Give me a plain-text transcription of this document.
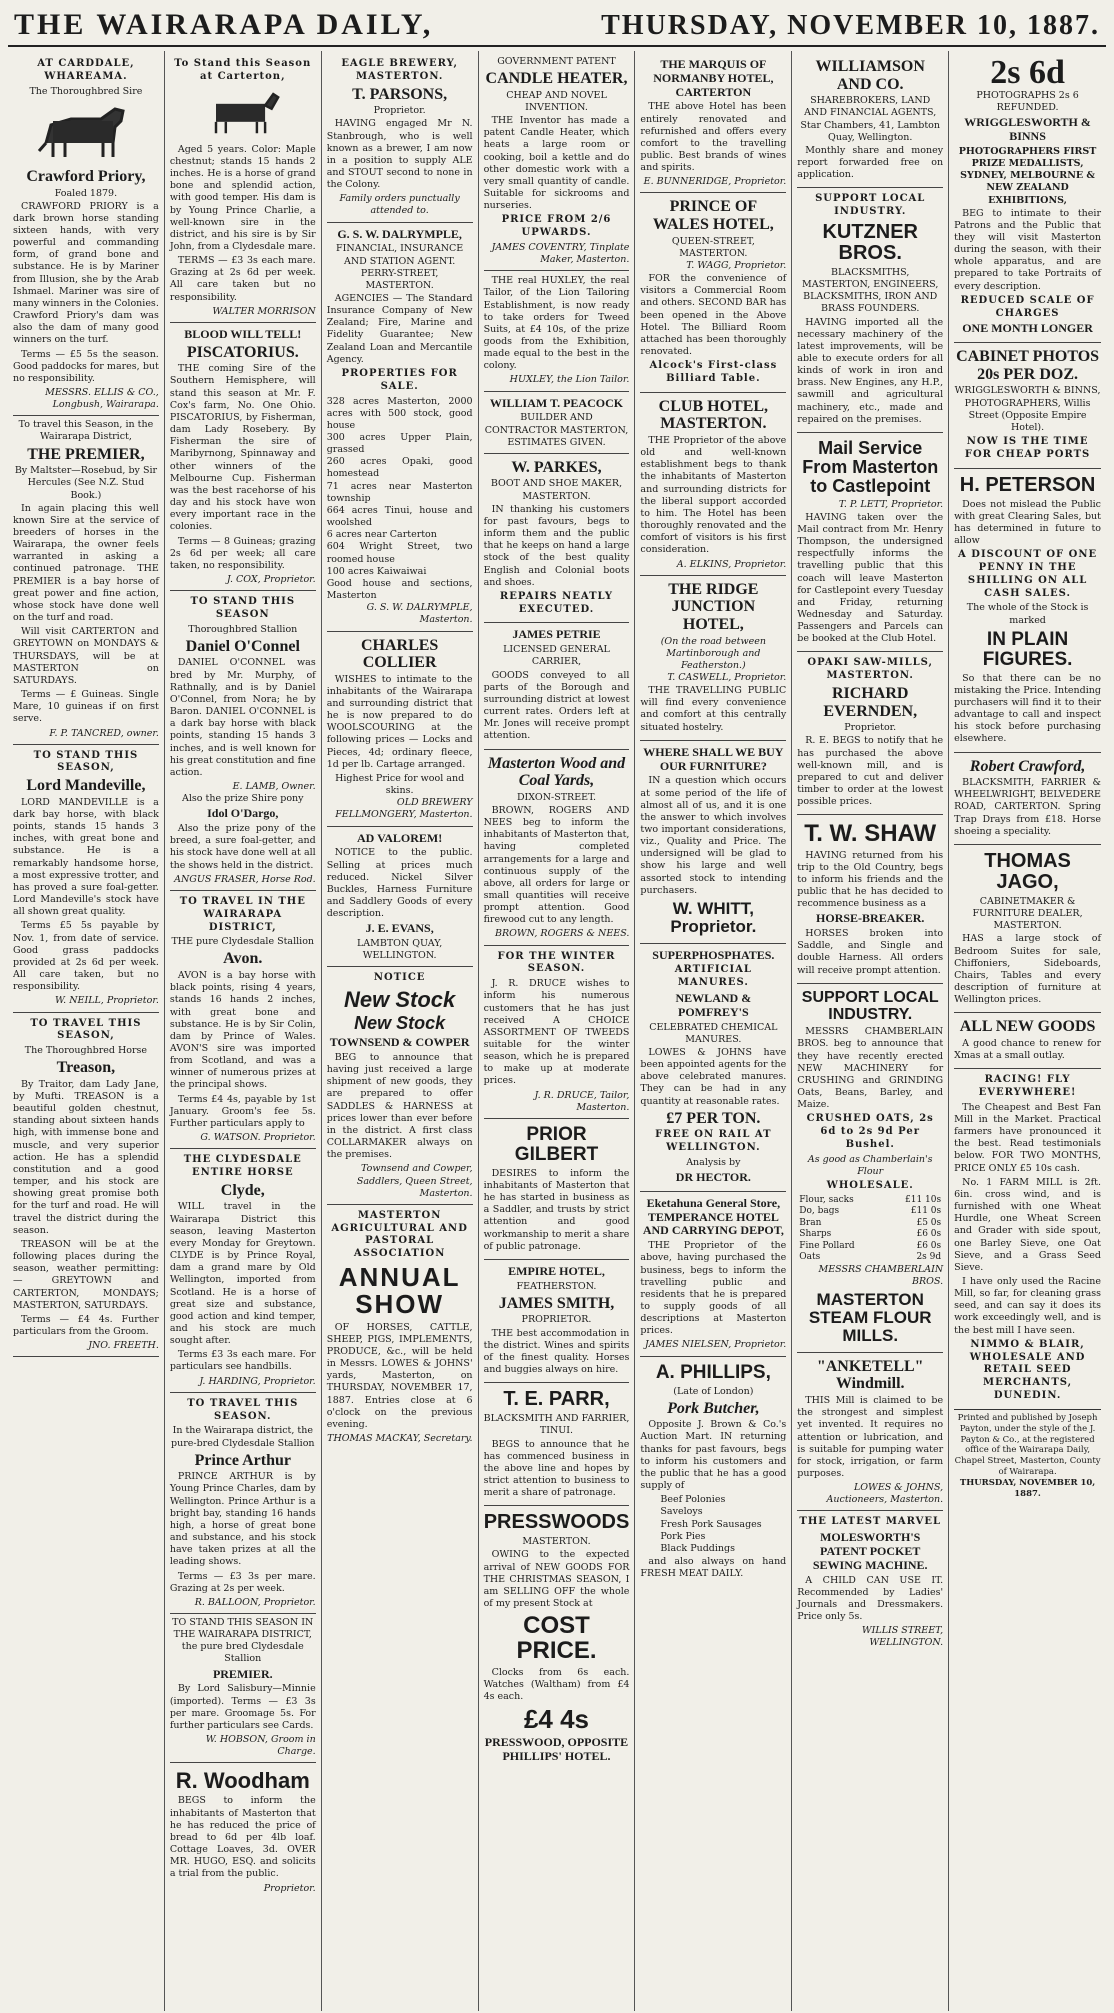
THE WAIRARAPA DAILY,	THURSDAY, NOVEMBER 10, 1887.
AT CARDDALE, WHAREAMA.
The Thoroughbred Sire
Crawford Priory,
Foaled 1879.

CRAWFORD PRIORY is a dark brown horse standing sixteen hands, with very powerful and commanding form, of grand bone and substance. He is by Mariner from Illusion, she by the Arab Ishmael. Mariner was sire of many winners in the Colonies. Crawford Priory's dam was also the dam of many good winners on the turf.

Terms — £5 5s the season. Good paddocks for mares, but no responsibility.

MESSRS. ELLIS & CO., Longbush, Wairarapa.
To travel this Season, in the Wairarapa District,
THE PREMIER,
By Maltster—Rosebud, by Sir Hercules (See N.Z. Stud Book.)

In again placing this well known Sire at the service of breeders of horses in the Wairarapa, the owner feels warranted in asking a continued patronage. THE PREMIER is a bay horse of great power and fine action, whose stock have done well on the turf and road.

Will visit CARTERTON and GREYTOWN on MONDAYS & THURSDAYS, will be at MASTERTON on SATURDAYS.

Terms — £ Guineas. Single Mare, 10 guineas if on first serve.

F. P. TANCRED, owner.
TO STAND THIS SEASON,
Lord Mandeville,

LORD MANDEVILLE is a dark bay horse, with black points, stands 15 hands 3 inches, with great bone and substance. He is a remarkably handsome horse, a most expressive trotter, and has proved a sure foal-getter. Lord Mandeville's stock have all shown great quality.

Terms £5 5s payable by Nov. 1, from date of service. Good grass paddocks provided at 2s 6d per week. All care taken, but no responsibility.

W. NEILL, Proprietor.
TO TRAVEL THIS SEASON,
The Thoroughbred Horse
Treason,

By Traitor, dam Lady Jane, by Mufti. TREASON is a beautiful golden chestnut, standing about sixteen hands high, with immense bone and muscle, and very superior action. He has a splendid constitution and a good temper, and his stock are showing great promise both for the turf and road. He will travel the district during the season.

TREASON will be at the following places during the season, weather permitting: — GREYTOWN and CARTERTON, MONDAYS; MASTERTON, SATURDAYS.

Terms — £4 4s. Further particulars from the Groom.

JNO. FREETH.
To Stand this Season at Carterton,

Aged 5 years. Color: Maple chestnut; stands 15 hands 2 inches. He is a horse of grand bone and splendid action, with good temper. His dam is by Young Prince Charlie, a well-known sire in the district, and his sire is by Sir John, from a Clydesdale mare.

TERMS — £3 3s each mare. Grazing at 2s 6d per week. All care taken but no responsibility.

WALTER MORRISON
BLOOD WILL TELL!
PISCATORIUS.

THE coming Sire of the Southern Hemisphere, will stand this season at Mr. F. Cox's farm, No. One Ohio. PISCATORIUS, by Fisherman, dam Lady Rosebery. By Fisherman the sire of Maribyrnong, Spinnaway and other winners of the Melbourne Cup. Fisherman was the best racehorse of his day and his stock have won every important race in the colonies.

Terms — 8 Guineas; grazing 2s 6d per week; all care taken, no responsibility.

J. COX, Proprietor.
TO STAND THIS SEASON
Thoroughbred Stallion
Daniel O'Connel

DANIEL O'CONNEL was bred by Mr. Murphy, of Rathnally, and is by Daniel O'Connel, from Nora; he by Baron. DANIEL O'CONNEL is a dark bay horse with black points, standing 15 hands 3 inches, and is well known for his great constitution and fine action.

E. LAMB, Owner.
Also the prize Shire pony
Idol O'Dargo,

Also the prize pony of the breed, a sure foal-getter, and his stock have done well at all the shows held in the district.

ANGUS FRASER, Horse Rod.
TO TRAVEL IN THE WAIRARAPA DISTRICT,
THE pure Clydesdale Stallion
Avon.

AVON is a bay horse with black points, rising 4 years, stands 16 hands 2 inches, with great bone and substance. He is by Sir Colin, dam by Prince of Wales. AVON'S sire was imported from Scotland, and was a winner of numerous prizes at the principal shows.

Terms £4 4s, payable by 1st January. Groom's fee 5s. Further particulars apply to

G. WATSON. Proprietor.
THE CLYDESDALE ENTIRE HORSE
Clyde,

WILL travel in the Wairarapa District this season, leaving Masterton every Monday for Greytown. CLYDE is by Prince Royal, dam a grand mare by Old Wellington, imported from Scotland. He is a horse of great size and substance, good action and kind temper, and his stock are much sought after.

Terms £3 3s each mare. For particulars see handbills.

J. HARDING, Proprietor.
TO TRAVEL THIS SEASON.
In the Wairarapa district, the pure-bred Clydesdale Stallion
Prince Arthur

PRINCE ARTHUR is by Young Prince Charles, dam by Wellington. Prince Arthur is a bright bay, standing 16 hands high, a horse of great bone and substance, and his stock have taken prizes at all the leading shows.

Terms — £3 3s per mare. Grazing at 2s per week.

R. BALLOON, Proprietor.
TO STAND THIS SEASON IN THE WAIRARAPA DISTRICT, the pure bred Clydesdale Stallion
PREMIER.

By Lord Salisbury—Minnie (imported). Terms — £3 3s per mare. Groomage 5s. For further particulars see Cards.

W. HOBSON, Groom in Charge.
R. Woodham

BEGS to inform the inhabitants of Masterton that he has reduced the price of bread to 6d per 4lb loaf. Cottage Loaves, 3d. OVER MR. HUGO, ESQ. and solicits a trial from the public.

Proprietor.
EAGLE BREWERY, MASTERTON.
T. PARSONS,
Proprietor.

HAVING engaged Mr N. Stanbrough, who is well known as a brewer, I am now in a position to supply ALE and STOUT second to none in the Colony.

Family orders punctually attended to.
G. S. W. DALRYMPLE,
FINANCIAL, INSURANCE AND STATION AGENT.
PERRY-STREET, MASTERTON.

AGENCIES — The Standard Insurance Company of New Zealand; Fire, Marine and Fidelity Guarantee; New Zealand Loan and Mercantile Agency.

PROPERTIES FOR SALE.
328 acres Masterton, 2000 acres with 500 stock, good house
300 acres Upper Plain, grassed
260 acres Opaki, good homestead
71 acres near Masterton township
664 acres Tinui, house and woolshed
6 acres near Carterton
604 Wright Street, two roomed house
100 acres Kaiwaiwai
Good house and sections, Masterton
G. S. W. DALRYMPLE, Masterton.
CHARLES COLLIER

WISHES to intimate to the inhabitants of the Wairarapa and surrounding district that he is now prepared to do WOOLSCOURING at the following prices — Locks and Pieces, 4d; ordinary fleece, 1d per lb. Cartage arranged.

Highest Price for wool and skins.
OLD BREWERY FELLMONGERY, Masterton.
AD VALOREM!

NOTICE to the public. Selling at prices much reduced. Nickel Silver Buckles, Harness Furniture and Saddlery Goods of every description.

J. E. EVANS,
LAMBTON QUAY, WELLINGTON.
NOTICE
New Stock
New Stock
TOWNSEND & COWPER

BEG to announce that having just received a large shipment of new goods, they are prepared to offer SADDLES & HARNESS at prices lower than ever before in the district. A first class COLLARMAKER always on the premises.

Townsend and Cowper, Saddlers, Queen Street, Masterton.
MASTERTON AGRICULTURAL AND PASTORAL ASSOCIATION
ANNUAL SHOW

OF HORSES, CATTLE, SHEEP, PIGS, IMPLEMENTS, PRODUCE, &c., will be held in Messrs. LOWES & JOHNS' yards, Masterton, on THURSDAY, NOVEMBER 17, 1887. Entries close at 6 o'clock on the previous evening.

THOMAS MACKAY, Secretary.
GOVERNMENT PATENT
CANDLE HEATER,
CHEAP AND NOVEL INVENTION.

THE Inventor has made a patent Candle Heater, which heats a large room or cooking, boil a kettle and do other domestic work with a very small quantity of candle. Suitable for sickrooms and nurseries.

PRICE FROM 2/6 UPWARDS.
JAMES COVENTRY, Tinplate Maker, Masterton.

THE real HUXLEY, the real Tailor, of the Lion Tailoring Establishment, is now ready to take orders for Tweed Suits, at £4 10s, of the prize goods from the Exhibition, made equal to the best in the colony.

HUXLEY, the Lion Tailor.
WILLIAM T. PEACOCK
BUILDER AND CONTRACTOR MASTERTON, ESTIMATES GIVEN.
W. PARKES,
BOOT AND SHOE MAKER, MASTERTON.

IN thanking his customers for past favours, begs to inform them and the public that he keeps on hand a large stock of the best quality English and Colonial boots and shoes.

REPAIRS NEATLY EXECUTED.
JAMES PETRIE
LICENSED GENERAL CARRIER,

GOODS conveyed to all parts of the Borough and surrounding district at lowest current rates. Orders left at Mr. Jones will receive prompt attention.

Masterton Wood and Coal Yards,
DIXON-STREET.

BROWN, ROGERS AND NEES beg to inform the inhabitants of Masterton that, having completed arrangements for a large and continuous supply of the above, all orders for large or small quantities will receive prompt attention. Good firewood cut to any length.

BROWN, ROGERS & NEES.
FOR THE WINTER SEASON.

J. R. DRUCE wishes to inform his numerous customers that he has just received A CHOICE ASSORTMENT OF TWEEDS suitable for the winter season, which he is prepared to make up at moderate prices.

J. R. DRUCE, Tailor, Masterton.
PRIOR GILBERT

DESIRES to inform the inhabitants of Masterton that he has started in business as a Saddler, and trusts by strict attention and good workmanship to merit a share of public patronage.

EMPIRE HOTEL,
FEATHERSTON.
JAMES SMITH,
PROPRIETOR.

THE best accommodation in the district. Wines and spirits of the finest quality. Horses and buggies always on hire.

T. E. PARR,
BLACKSMITH AND FARRIER, TINUI.

BEGS to announce that he has commenced business in the above line and hopes by strict attention to business to merit a share of patronage.

PRESSWOODS
MASTERTON.

OWING to the expected arrival of NEW GOODS FOR THE CHRISTMAS SEASON, I am SELLING OFF the whole of my present Stock at

COST PRICE.

Clocks from 6s each. Watches (Waltham) from £4 4s each.

£4 4s
PRESSWOOD, OPPOSITE PHILLIPS' HOTEL.
THE MARQUIS OF NORMANBY HOTEL, CARTERTON

THE above Hotel has been entirely renovated and refurnished and offers every comfort to the travelling public. Best brands of wines and spirits.

E. BUNNERIDGE, Proprietor.
PRINCE OF WALES HOTEL,
QUEEN-STREET, MASTERTON.
T. WAGG, Proprietor.

FOR the convenience of visitors a Commercial Room and others. SECOND BAR has been opened in the Above Hotel. The Billiard Room attached has been thoroughly renovated.

Alcock's First-class Billiard Table.
CLUB HOTEL, MASTERTON.

THE Proprietor of the above old and well-known establishment begs to thank the inhabitants of Masterton and surrounding districts for the liberal support accorded to him. The Hotel has been thoroughly renovated and the comfort of visitors is his first consideration.

A. ELKINS, Proprietor.
THE RIDGE JUNCTION HOTEL,
(On the road between Martinborough and Featherston.)
T. CASWELL, Proprietor.

THE TRAVELLING PUBLIC will find every convenience and comfort at this centrally situated hostelry.

WHERE SHALL WE BUY OUR FURNITURE?

IN a question which occurs at some period of the life of almost all of us, and it is one the answer to which involves two important considerations, viz., Quality and Price. The undersigned will be glad to show his large and well assorted stock to intending purchasers.

W. WHITT, Proprietor.
SUPERPHOSPHATES.
ARTIFICIAL MANURES.
NEWLAND & POMFREY'S
CELEBRATED CHEMICAL MANURES.

LOWES & JOHNS have been appointed agents for the above celebrated manures. They can be had in any quantity at reasonable rates.

£7 PER TON.
FREE ON RAIL AT WELLINGTON.
Analysis by
DR HECTOR.
Eketahuna General Store, TEMPERANCE HOTEL AND CARRYING DEPOT,

THE Proprietor of the above, having purchased the business, begs to inform the travelling public and residents that he is prepared to supply goods of all descriptions at Masterton prices.

JAMES NIELSEN, Proprietor.
A. PHILLIPS,
(Late of London)
Pork Butcher,

Opposite J. Brown & Co.'s Auction Mart. IN returning thanks for past favours, begs to inform his customers and the public that he has a good supply of

Beef Polonies
Saveloys
Fresh Pork Sausages
Pork Pies
Black Puddings

and also always on hand FRESH MEAT DAILY.

WILLIAMSON AND CO.
SHAREBROKERS, LAND AND FINANCIAL AGENTS, Star Chambers, 41, Lambton Quay, Wellington.

Monthly share and money report forwarded free on application.

SUPPORT LOCAL INDUSTRY.
KUTZNER BROS.
BLACKSMITHS, MASTERTON, ENGINEERS, BLACKSMITHS, IRON AND BRASS FOUNDERS.

HAVING imported all the necessary machinery of the latest improvements, will be able to execute orders for all kinds of work in iron and brass. New Engines, any H.P., sawmill and agricultural machinery, etc., made and repaired on the premises.

Mail Service From Masterton to Castlepoint
T. P. LETT, Proprietor.

HAVING taken over the Mail contract from Mr. Henry Thompson, the undersigned respectfully informs the travelling public that this coach will leave Masterton for Castlepoint every Tuesday and Friday, returning Wednesday and Saturday. Passengers and Parcels can be booked at the Club Hotel.

OPAKI SAW-MILLS, MASTERTON.
RICHARD EVERNDEN,
Proprietor.

R. E. BEGS to notify that he has purchased the above well-known mill, and is prepared to cut and deliver timber to order at the lowest possible prices.

T. W. SHAW

HAVING returned from his trip to the Old Country, begs to inform his friends and the public that he has decided to recommence business as a

HORSE-BREAKER.

HORSES broken into Saddle, and Single and double Harness. All orders will receive prompt attention.

SUPPORT LOCAL INDUSTRY.

MESSRS CHAMBERLAIN BROS. beg to announce that they have recently erected NEW MACHINERY for CRUSHING and GRINDING Oats, Beans, Barley, and Maize.

CRUSHED OATS, 2s 6d to 2s 9d Per Bushel.
As good as Chamberlain's Flour
WHOLESALE.
Flour, sacks	£11 10s
Do, bags	£11 0s
Bran	£5 0s
Sharps	£6 0s
Fine Pollard	£6 0s
Oats	2s 9d
MESSRS CHAMBERLAIN BROS.
MASTERTON STEAM FLOUR MILLS.
"ANKETELL" Windmill.

THIS Mill is claimed to be the strongest and simplest yet invented. It requires no attention or lubrication, and is suitable for pumping water for stock, irrigation, or farm purposes.

LOWES & JOHNS, Auctioneers, Masterton.
THE LATEST MARVEL
MOLESWORTH'S PATENT POCKET SEWING MACHINE.

A CHILD CAN USE IT. Recommended by Ladies' Journals and Dressmakers. Price only 5s.

WILLIS STREET, WELLINGTON.
2s 6d
PHOTOGRAPHS 2s 6 REFUNDED.
WRIGGLESWORTH & BINNS
PHOTOGRAPHERS FIRST PRIZE MEDALLISTS, SYDNEY, MELBOURNE & NEW ZEALAND EXHIBITIONS,

BEG to intimate to their Patrons and the Public that they will visit Masterton during the season, with their whole apparatus, and are prepared to take Portraits of every description.

REDUCED SCALE OF CHARGES
ONE MONTH LONGER
CABINET PHOTOS 20s PER DOZ.
WRIGGLESWORTH & BINNS, PHOTOGRAPHERS, Willis Street (Opposite Empire Hotel).
NOW IS THE TIME FOR CHEAP PORTS
H. PETERSON

Does not mislead the Public with great Clearing Sales, but has determined in future to allow

A DISCOUNT OF ONE PENNY IN THE SHILLING ON ALL CASH SALES.
The whole of the Stock is marked
IN PLAIN FIGURES.

So that there can be no mistaking the Price. Intending purchasers will find it to their advantage to call and inspect his stock before purchasing elsewhere.

Robert Crawford,

BLACKSMITH, FARRIER & WHEELWRIGHT, BELVEDERE ROAD, CARTERTON. Spring Trap Drays from £18. Horse shoeing a speciality.

THOMAS JAGO,
CABINETMAKER & FURNITURE DEALER, MASTERTON.

HAS a large stock of Bedroom Suites for sale, Chiffoniers, Sideboards, Chairs, Tables and every description of furniture at Wellington prices.

ALL NEW GOODS

A good chance to renew for Xmas at a small outlay.

RACING! FLY EVERYWHERE!

The Cheapest and Best Fan Mill in the Market. Practical farmers have pronounced it the best. Read testimonials below. FOR TWO MONTHS, PRICE ONLY £5 10s cash.

No. 1 FARM MILL is 2ft. 6in. cross wind, and is furnished with one Wheat Hurdle, one Wheat Screen and Grader with side spout, one Barley Sieve, one Oat Sieve, and a Grass Seed Sieve.

I have only used the Racine Mill, so far, for cleaning grass seed, and can say it does its work exceedingly well, and is the best mill I have seen.

NIMMO & BLAIR, WHOLESALE AND RETAIL SEED MERCHANTS, DUNEDIN.
Printed and published by Joseph Payton, under the style of the J. Payton & Co., at the registered office of the Wairarapa Daily, Chapel Street, Masterton, County of Wairarapa.
THURSDAY, NOVEMBER 10, 1887.
